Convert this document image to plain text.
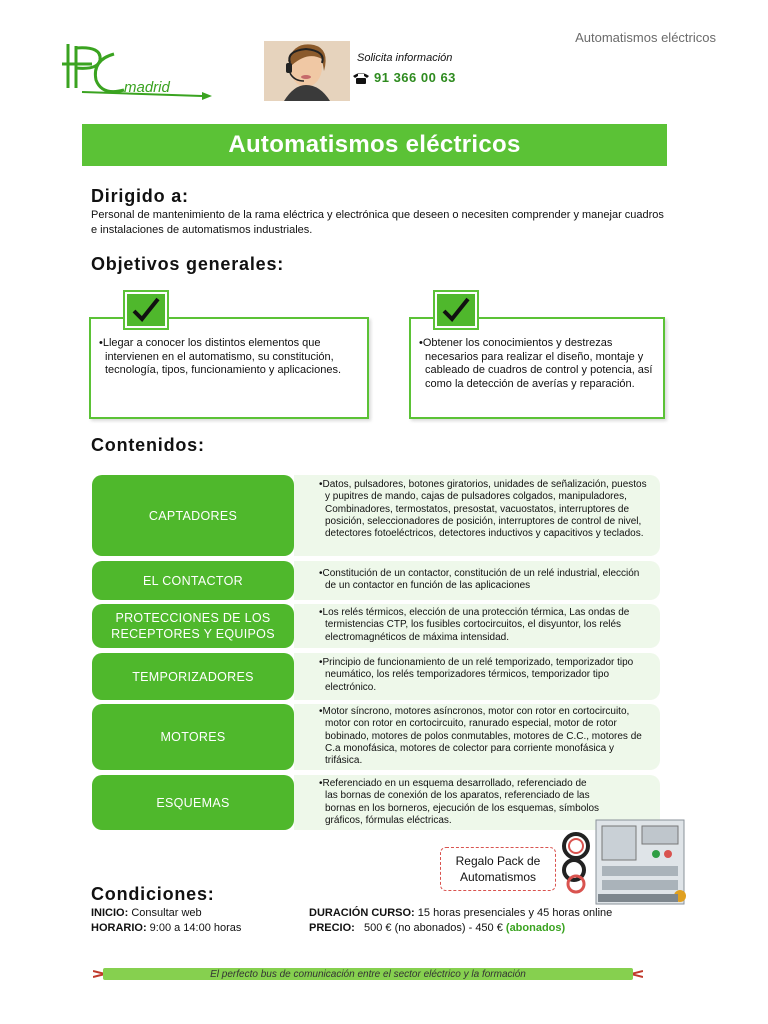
Automatismos eléctricos
madrid
Solicita información
91 366 00 63
Automatismos eléctricos
Dirigido a:
Personal de mantenimiento de la rama eléctrica y electrónica que deseen o necesiten comprender y manejar cuadros e instalaciones de automatismos industriales.
Objetivos generales:

•Llegar a conocer los distintos elementos que intervienen en el automatismo, su constitución, tecnología, tipos, funcionamiento y aplicaciones.

•Obtener los conocimientos y destrezas necesarios para realizar el diseño, montaje y cableado de cuadros de control y potencia, así como la detección de averías y reparación.

Contenidos:
CAPTADORES

•Datos, pulsadores, botones giratorios, unidades de señalización, puestos y pupitres de mando, cajas de pulsadores colgados, manipuladores, Combinadores, termostatos, presostat, vacuostatos, interruptores de posición, seleccionadores de posición, interruptores de control de nivel, detectores fotoeléctricos, detectores inductivos y capacitivos y teclados.

EL CONTACTOR	•Constitución de un contactor, constitución de un relé industrial, elección de un contactor en función de las aplicaciones

PROTECCIONES DE LOS RECEPTORES Y EQUIPOS

•Los relés térmicos, elección de una protección térmica, Las ondas de termistencias CTP, los fusibles cortocircuitos, el disyuntor, los relés electromagnéticos de máxima intensidad.

TEMPORIZADORES

•Principio de funcionamiento de un relé temporizado, temporizador tipo neumático, los relés temporizadores térmicos, temporizador tipo electrónico.

MOTORES

•Motor síncrono, motores asíncronos, motor con rotor en cortocircuito, motor con rotor en cortocircuito, ranurado especial, motor de rotor bobinado, motores de polos conmutables, motores de C.C., motores de C.a monofásica, motores de colector para corriente monofásica y trifásica.

ESQUEMAS

•Referenciado en un esquema desarrollado, referenciado de las bornas de conexión de los aparatos, referenciado de las bornas en los borneros, ejecución de los esquemas, símbolos gráficos, fórmulas eléctricas.

Regalo Pack de
Automatismos
Condiciones:
INICIO: Consultar web
HORARIO: 9:00 a 14:00 horas
DURACIÓN CURSO: 15 horas presenciales y 45 horas online
PRECIO: 500 € (no abonados) - 450 € (abonados)
El perfecto bus de comunicación entre el sector eléctrico y la formación
